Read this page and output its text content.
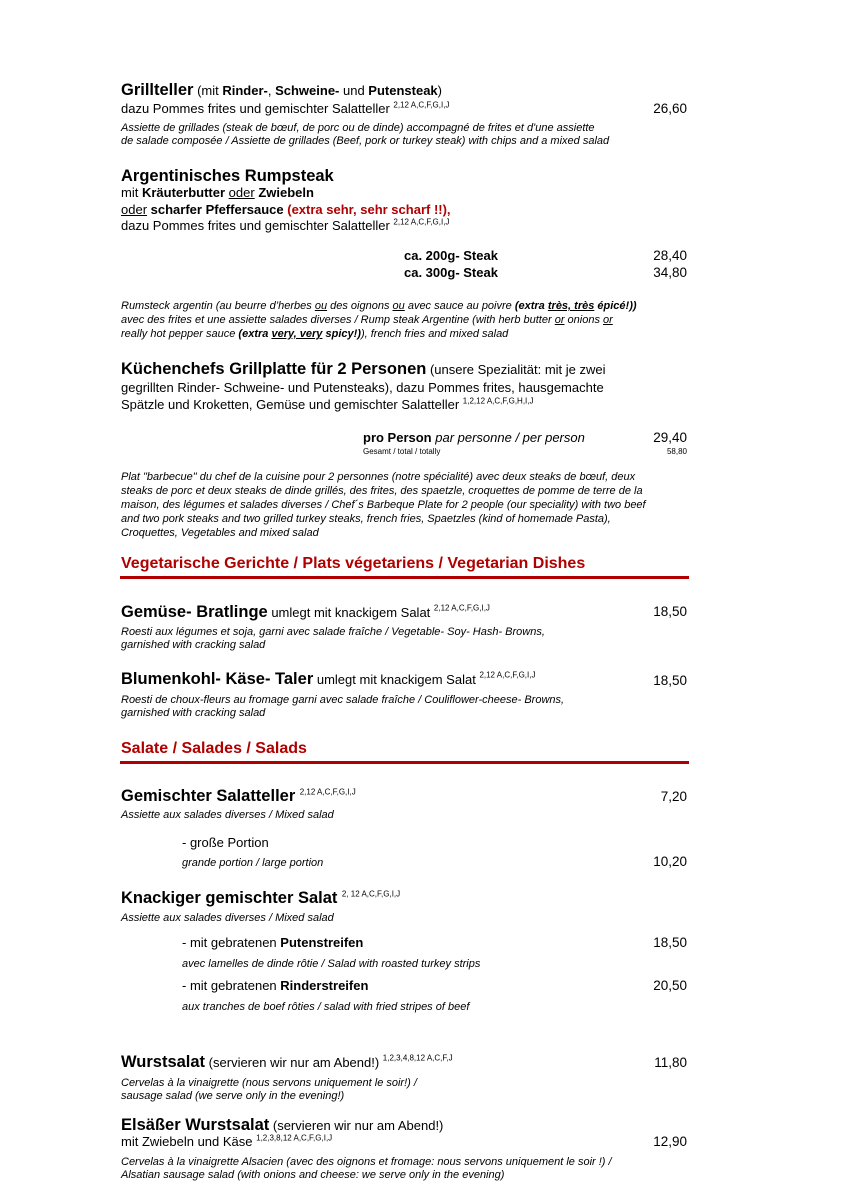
Grillteller (mit Rinder-, Schweine- und Putensteak)
dazu Pommes frites und gemischter Salatteller $^{2,12 A,C,F,G,I,J}$	26,60
Assiette de grillades (steak de bœuf, de porc ou de dinde) accompagné de frites et d'une assiette
de salade composée / Assiette de grillades (Beef, pork or turkey steak) with chips and a mixed salad
Argentinisches Rumpsteak
mit Kräuterbutter oder Zwiebeln
oder scharfer Pfeffersauce (extra sehr, sehr scharf !!),
dazu Pommes frites und gemischter Salatteller $^{2,12 A,C,F,G,I,J}$
ca. 200g- Steak	28,40
ca. 300g- Steak	34,80
Rumsteck argentin (au beurre d’herbes ou des oignons ou avec sauce au poivre (extra très, très épicé!))
avec des frites et une assiette salades diverses / Rump steak Argentine (with herb butter or onions or
really hot pepper sauce (extra very, very spicy!)), french fries and mixed salad
Küchenchefs Grillplatte für 2 Personen (unsere Spezialität: mit je zwei
gegrillten Rinder- Schweine- und Putensteaks), dazu Pommes frites, hausgemachte
Spätzle und Kroketten, Gemüse und gemischter Salatteller $^{1,2,12 A,C,F,G,H,I,J}$
pro Person par personne / per person	29,40
Gesamt / total / totally	58,80
Plat "barbecue" du chef de la cuisine pour 2 personnes (notre spécialité) avec deux steaks de bœuf, deux
steaks de porc et deux steaks de dinde grillés, des frites, des spaetzle, croquettes de pomme de terre de la
maison, des légumes et salades diverses / Chef´s Barbeque Plate for 2 people (our speciality) with two beef
and two pork steaks and two grilled turkey steaks, french fries, Spaetzles (kind of homemade Pasta),
Croquettes, Vegetables and mixed salad
Vegetarische Gerichte / Plats végetariens / Vegetarian Dishes
Gemüse- Bratlinge umlegt mit knackigem Salat $^{2,12 A,C,F,G,I,J}$	18,50
Roesti aux légumes et soja, garni avec salade fraîche / Vegetable- Soy- Hash- Browns,
garnished with cracking salad
Blumenkohl- Käse- Taler umlegt mit knackigem Salat $^{2,12 A,C,F,G,I,J}$	18,50
Roesti de choux-fleurs au fromage garni avec salade fraîche / Couliflower-cheese- Browns,
garnished with cracking salad
Salate / Salades / Salads
Gemischter Salatteller $^{2,12 A,C,F,G,I,J}$	7,20
Assiette aux salades diverses / Mixed salad
- große Portion
grande portion / large portion	10,20
Knackiger gemischter Salat $^{2, 12 A,C,F,G,I,J}$
Assiette aux salades diverses / Mixed salad
- mit gebratenen Putenstreifen	18,50
avec lamelles de dinde rôtie / Salad with roasted turkey strips
- mit gebratenen Rinderstreifen	20,50
aux tranches de boef rôties / salad with fried stripes of beef
Wurstsalat (servieren wir nur am Abend!) $^{1,2,3,4,8,12 A,C,F,J}$	11,80
Cervelas à la vinaigrette (nous servons uniquement le soir!) /
sausage salad (we serve only in the evening!)
Elsäßer Wurstsalat (servieren wir nur am Abend!)
mit Zwiebeln und Käse $^{1,2,3,8,12 A,C,F,G,I,J}$	12,90
Cervelas à la vinaigrette Alsacien (avec des oignons et fromage: nous servons uniquement le soir !) /
Alsatian sausage salad (with onions and cheese: we serve only in the evening)
